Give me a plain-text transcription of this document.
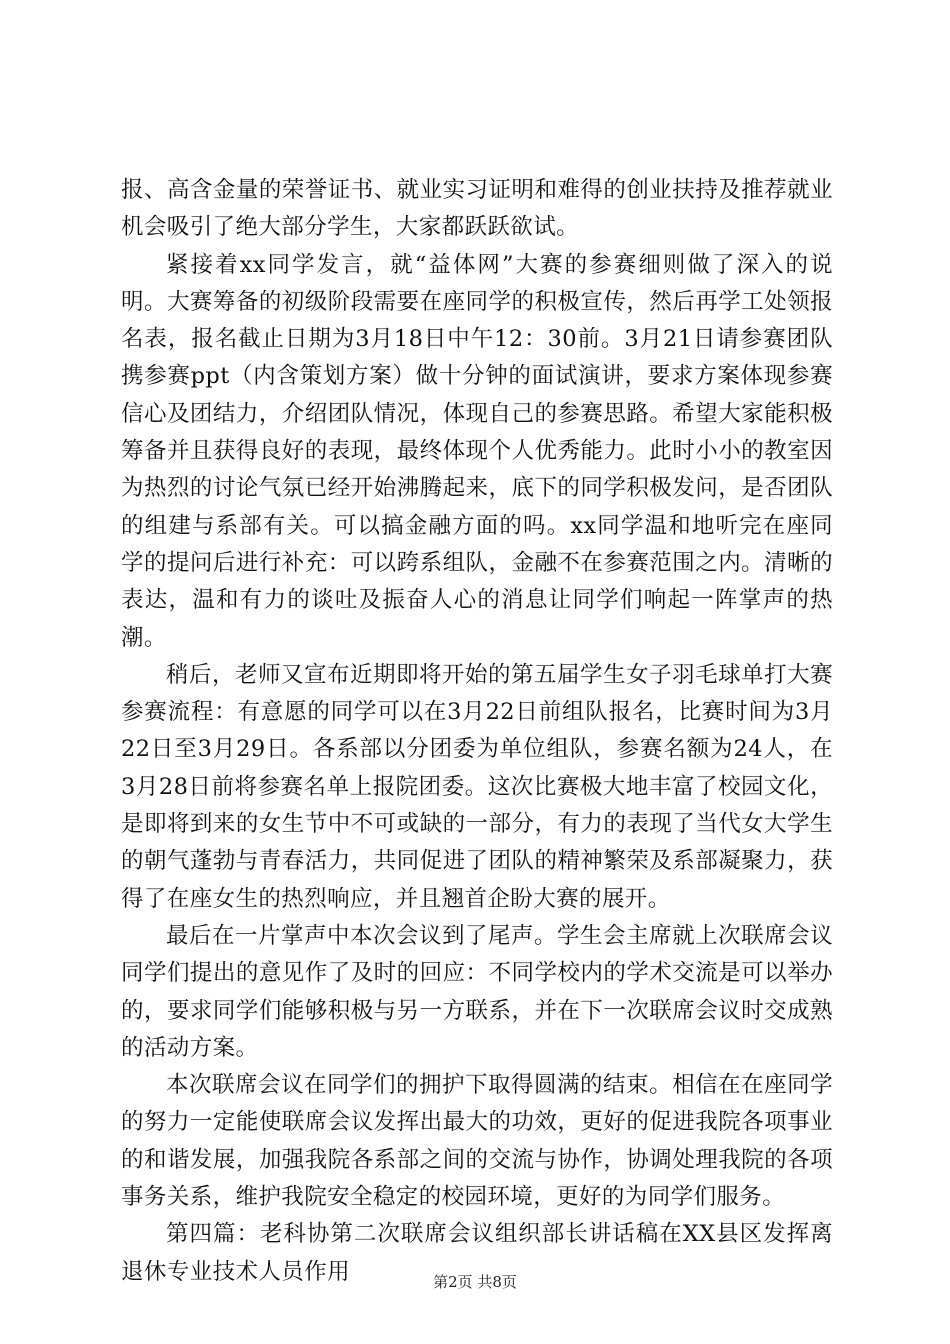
报、高含金量的荣誉证书、就业实习证明和难得的创业扶持及推荐就业机会吸引了绝大部分学生，大家都跃跃欲试。

紧接着xx同学发言，就“益体网”大赛的参赛细则做了深入的说明。大赛筹备的初级阶段需要在座同学的积极宣传，然后再学工处领报名表，报名截止日期为3月18日中午12：30前。3月21日请参赛团队携参赛ppt（内含策划方案）做十分钟的面试演讲，要求方案体现参赛信心及团结力，介绍团队情况，体现自己的参赛思路。希望大家能积极筹备并且获得良好的表现，最终体现个人优秀能力。此时小小的教室因为热烈的讨论气氛已经开始沸腾起来，底下的同学积极发问，是否团队的组建与系部有关。可以搞金融方面的吗。xx同学温和地听完在座同学的提问后进行补充：可以跨系组队，金融不在参赛范围之内。清晰的表达，温和有力的谈吐及振奋人心的消息让同学们响起一阵掌声的热潮。

稍后，老师又宣布近期即将开始的第五届学生女子羽毛球单打大赛参赛流程：有意愿的同学可以在3月22日前组队报名，比赛时间为3月22日至3月29日。各系部以分团委为单位组队，参赛名额为24人，在3月28日前将参赛名单上报院团委。这次比赛极大地丰富了校园文化，是即将到来的女生节中不可或缺的一部分，有力的表现了当代女大学生的朝气蓬勃与青春活力，共同促进了团队的精神繁荣及系部凝聚力，获得了在座女生的热烈响应，并且翘首企盼大赛的展开。

最后在一片掌声中本次会议到了尾声。学生会主席就上次联席会议同学们提出的意见作了及时的回应：不同学校内的学术交流是可以举办的，要求同学们能够积极与另一方联系，并在下一次联席会议时交成熟的活动方案。

本次联席会议在同学们的拥护下取得圆满的结束。相信在在座同学的努力一定能使联席会议发挥出最大的功效，更好的促进我院各项事业的和谐发展，加强我院各系部之间的交流与协作，协调处理我院的各项事务关系，维护我院安全稳定的校园环境，更好的为同学们服务。

第四篇：老科协第二次联席会议组织部长讲话稿在XX县区发挥离退休专业技术人员作用	第2页 共8页
